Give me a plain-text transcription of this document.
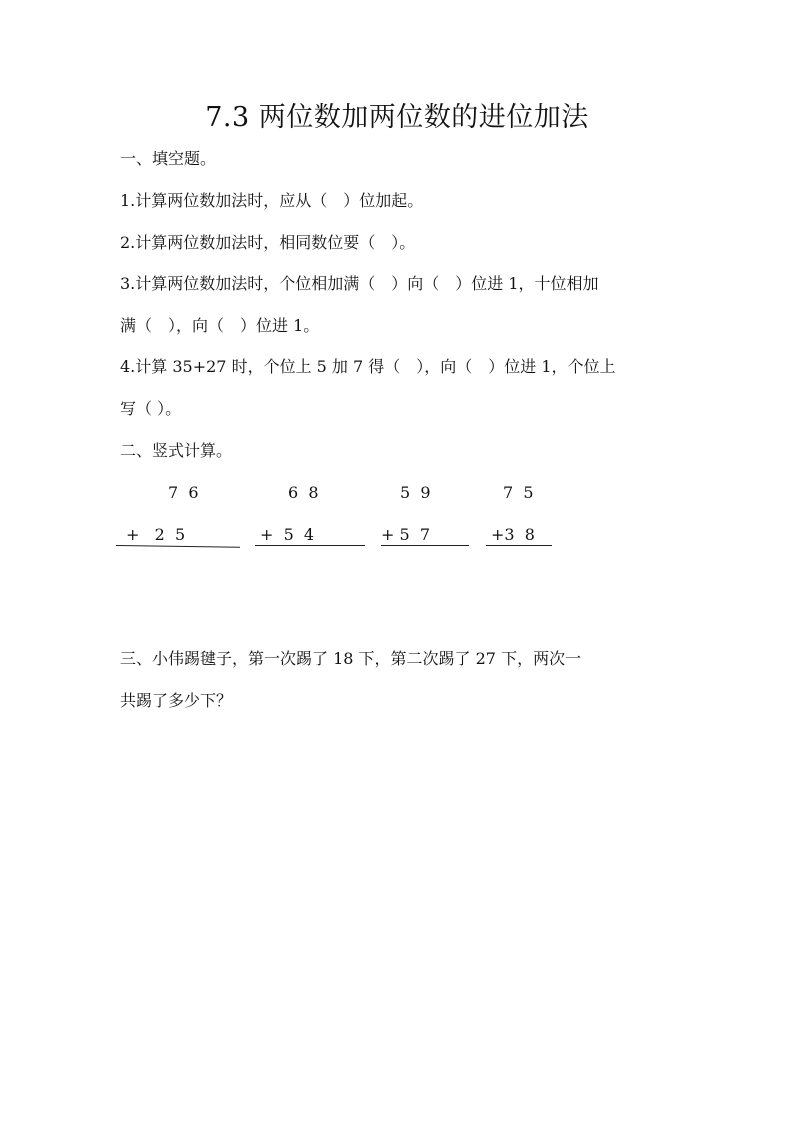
7.3 两位数加两位数的进位加法
一、填空题。
1.计算两位数加法时，应从（　）位加起。
2.计算两位数加法时，相同数位要（　）。
3.计算两位数加法时，个位相加满（　）向（　）位进 1，十位相加
满（　），向（　）位进 1。
4.计算 35+27 时，个位上 5 加 7 得（　），向（　）位进 1，个位上
写（ ）。
二、竖式计算。
7  6
+   2  5
6  8
+  5  4
5  9
+ 5  7
7  5
+3  8
三、小伟踢毽子，第一次踢了 18 下，第二次踢了 27 下，两次一
共踢了多少下？
